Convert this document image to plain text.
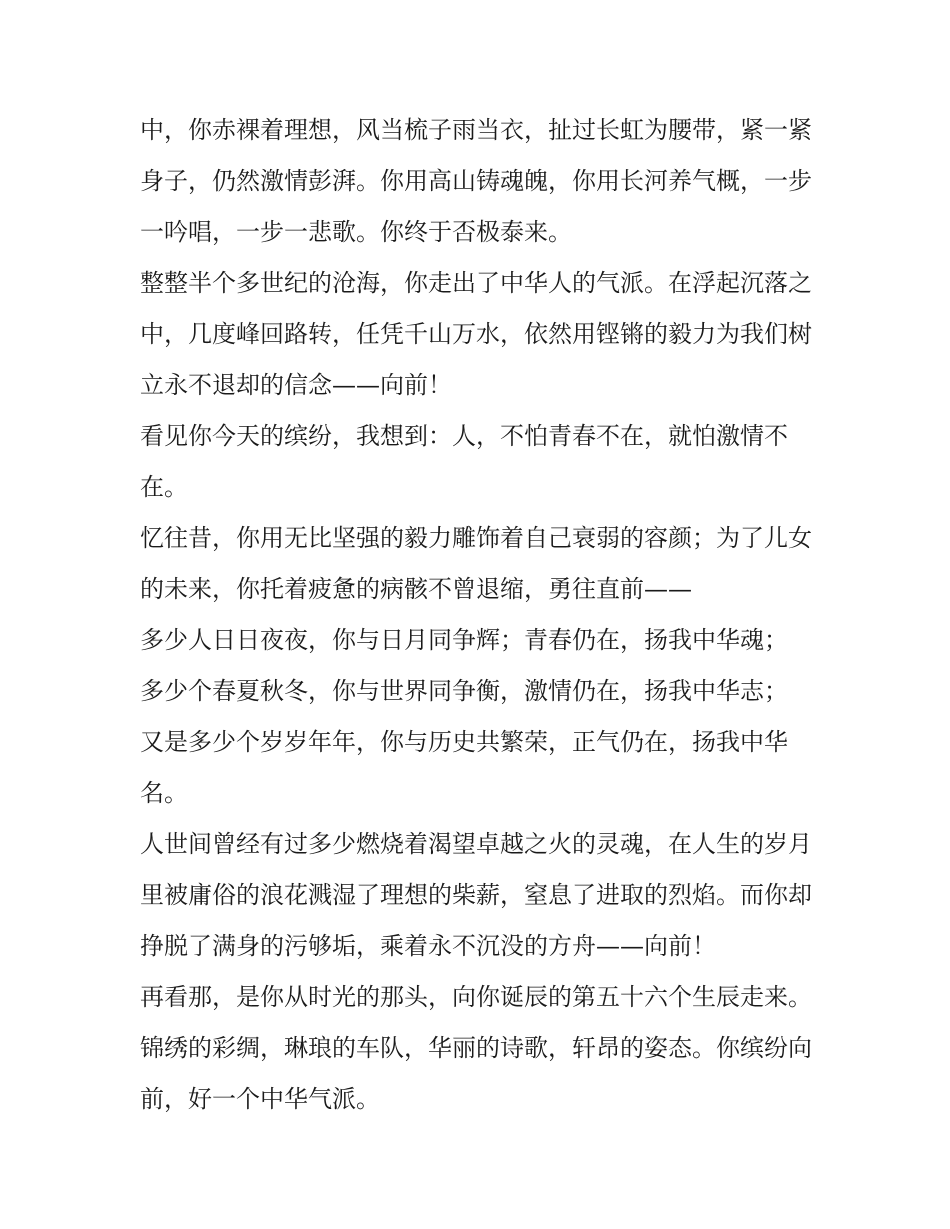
中，你赤裸着理想，风当梳子雨当衣，扯过长虹为腰带，紧一紧身子，仍然激情彭湃。你用高山铸魂魄，你用长河养气概，一步一吟唱，一步一悲歌。你终于否极泰来。

整整半个多世纪的沧海，你走出了中华人的气派。在浮起沉落之中，几度峰回路转，任凭千山万水，依然用铿锵的毅力为我们树立永不退却的信念——向前！

看见你今天的缤纷，我想到：人，不怕青春不在，就怕激情不在。

忆往昔，你用无比坚强的毅力雕饰着自己衰弱的容颜；为了儿女的未来，你托着疲惫的病骸不曾退缩，勇往直前——

多少人日日夜夜，你与日月同争辉；青春仍在，扬我中华魂；

多少个春夏秋冬，你与世界同争衡，激情仍在，扬我中华志；

又是多少个岁岁年年，你与历史共繁荣，正气仍在，扬我中华名。

人世间曾经有过多少燃烧着渴望卓越之火的灵魂，在人生的岁月里被庸俗的浪花溅湿了理想的柴薪，窒息了进取的烈焰。而你却挣脱了满身的污够垢，乘着永不沉没的方舟——向前！

再看那，是你从时光的那头，向你诞辰的第五十六个生辰走来。锦绣的彩绸，琳琅的车队，华丽的诗歌，轩昂的姿态。你缤纷向前，好一个中华气派。
